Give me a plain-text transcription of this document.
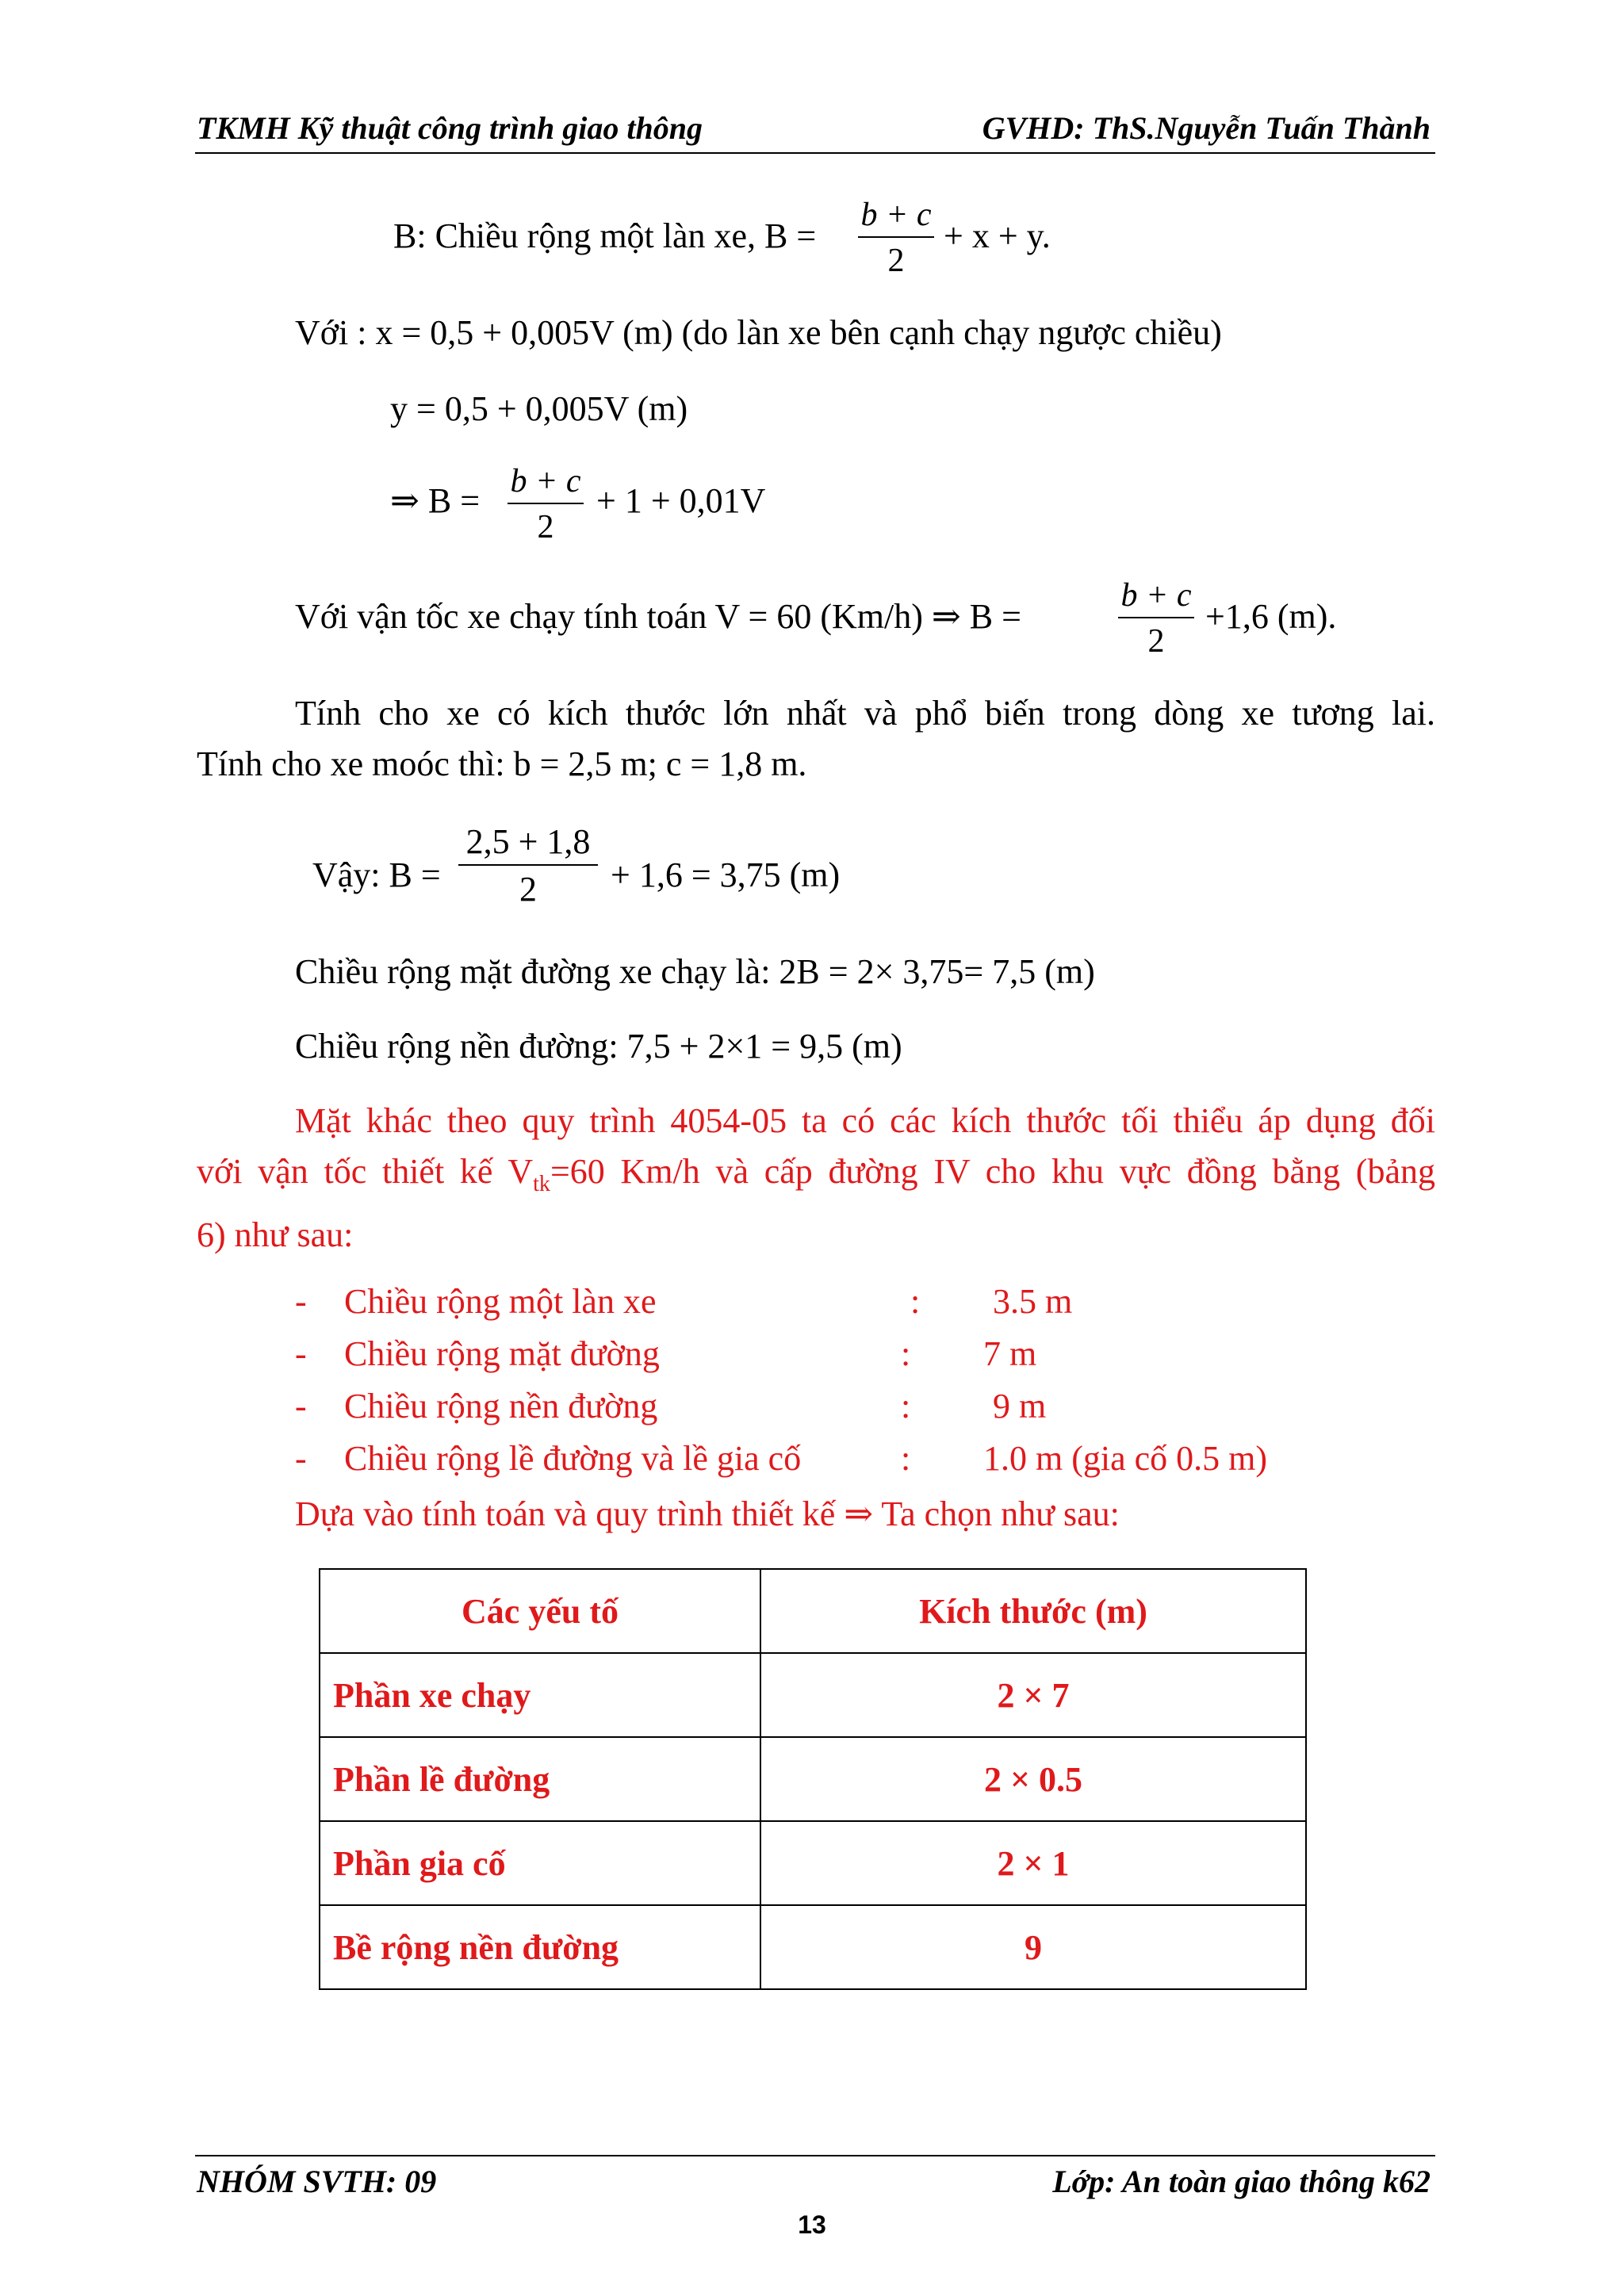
TKMH Kỹ thuật công trình giao thông	GVHD: ThS.Nguyễn Tuấn Thành
B: Chiều rộng một làn xe, B =
b + c
2
+ x + y.
Với : x = 0,5 + 0,005V (m) (do làn xe bên cạnh chạy ngược chiều)
y = 0,5 + 0,005V (m)
⇒ B = b + c
2
+ 1 + 0,01V
Với vận tốc xe chạy tính toán V = 60 (Km/h) ⇒ B =
b + c
2
+1,6 (m).
Tính cho xe có kích thước lớn nhất và phổ biến trong dòng xe tương lai.
Tính cho xe moóc thì: b = 2,5 m; c = 1,8 m.
Vậy: B =
2,5 + 1,8
2	+ 1,6 = 3,75 (m)
Chiều rộng mặt đường xe chạy là: 2B = 2× 3,75= 7,5 (m)
Chiều rộng nền đường: 7,5 + 2×1 = 9,5 (m)
Mặt khác theo quy trình 4054-05 ta có các kích thước tối thiểu áp dụng đối
với vận tốc thiết kế $V_{tk}=60$ Km/h và cấp đường IV cho khu vực đồng bằng (bảng
6) như sau:
- Chiều rộng một làn xe	: 3.5 m
- Chiều rộng mặt đường	: 7 m
- Chiều rộng nền đường	: 9 m
- Chiều rộng lề đường và lề gia cố	: 1.0 m (gia cố 0.5 m)
Dựa vào tính toán và quy trình thiết kế ⇒ Ta chọn như sau:
Các yếu tố	Kích thước (m)
Phần xe chạy	2 × 7
Phần lề đường	2 × 0.5
Phần gia cố	2 × 1
Bề rộng nền đường	9
NHÓM SVTH: 09	Lớp: An toàn giao thông k62
13
